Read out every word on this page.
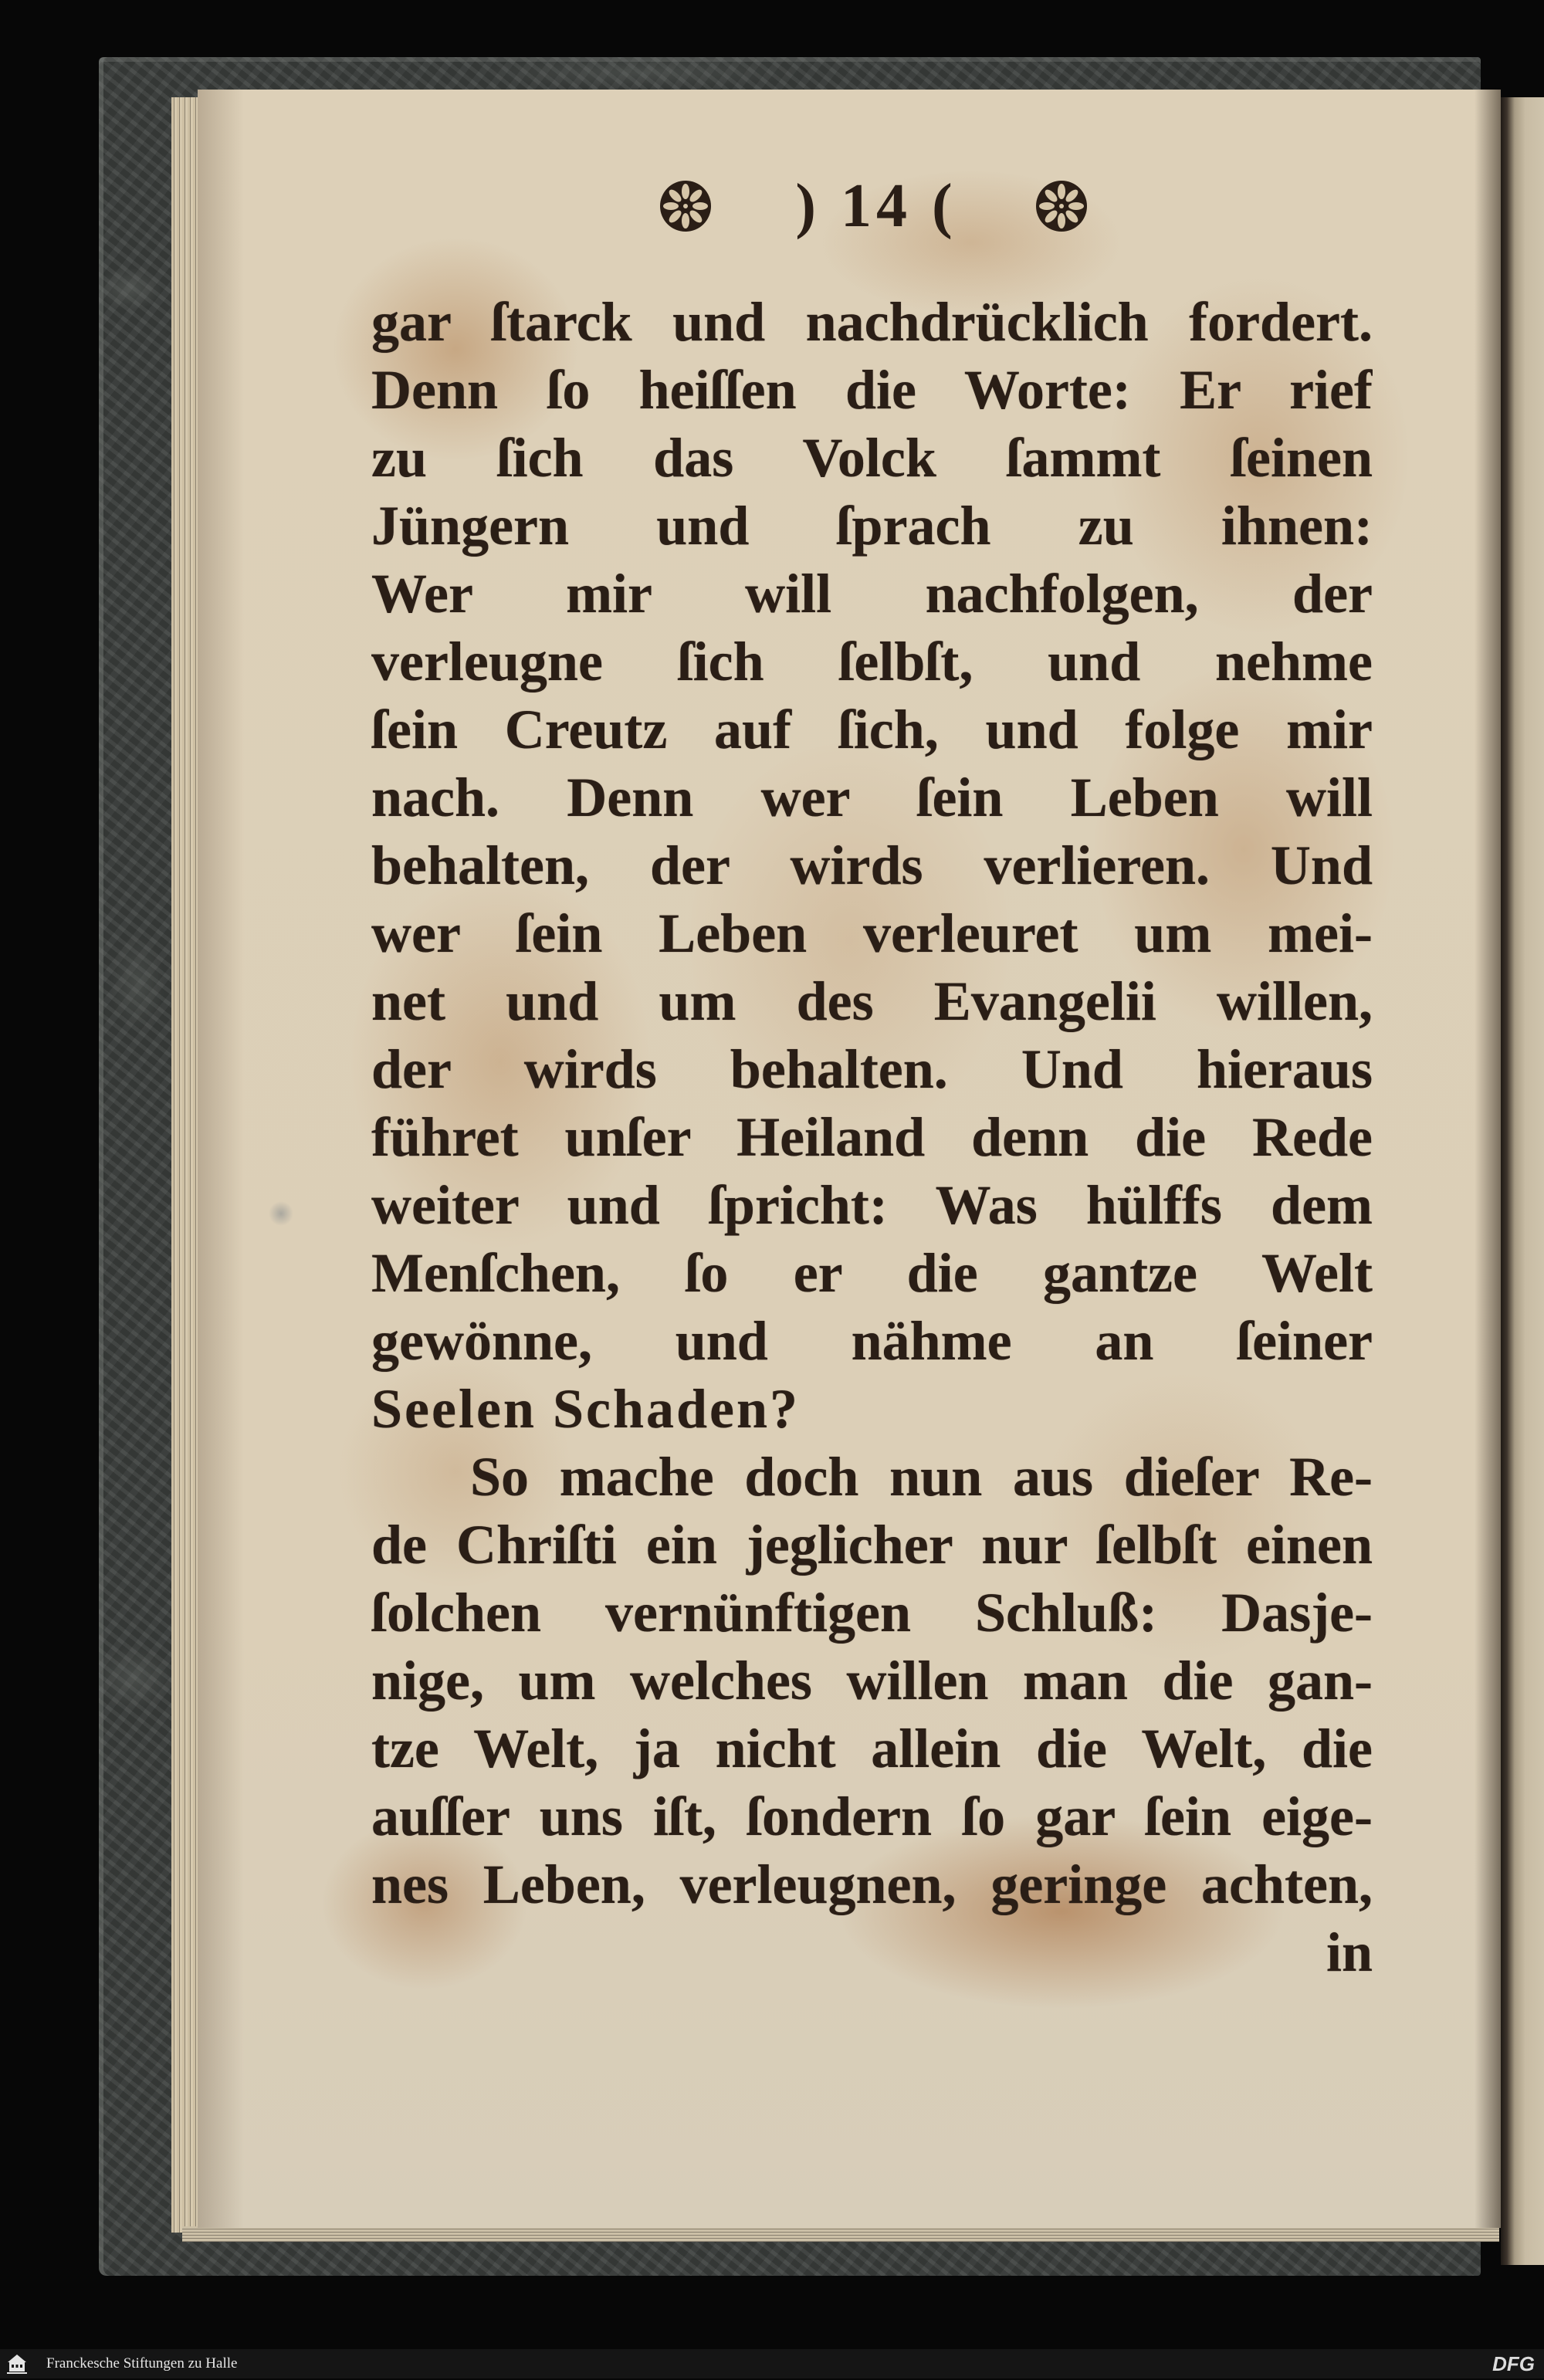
) 14 (
gar ſtarck und nachdrücklich fordert.
Denn ſo heiſſen die Worte: Er rief
zu ſich das Volck ſammt ſeinen
Jüngern und ſprach zu ihnen:
Wer mir will nachfolgen, der
verleugne ſich ſelbſt, und nehme
ſein Creutz auf ſich, und folge mir
nach. Denn wer ſein Leben will
behalten, der wirds verlieren. Und
wer ſein Leben verleuret um mei-
net und um des Evangelii willen,
der wirds behalten. Und hieraus
führet unſer Heiland denn die Rede
weiter und ſpricht: Was hülffs dem
Menſchen, ſo er die gantze Welt
gewönne, und nähme an ſeiner
Seelen Schaden?
So mache doch nun aus dieſer Re-
de Chriſti ein jeglicher nur ſelbſt einen
ſolchen vernünftigen Schluß: Dasje-
nige, um welches willen man die gan-
tze Welt, ja nicht allein die Welt, die
auſſer uns iſt, ſondern ſo gar ſein eige-
nes Leben, verleugnen, geringe achten,
in
Franckesche Stiftungen zu Halle	DFG
